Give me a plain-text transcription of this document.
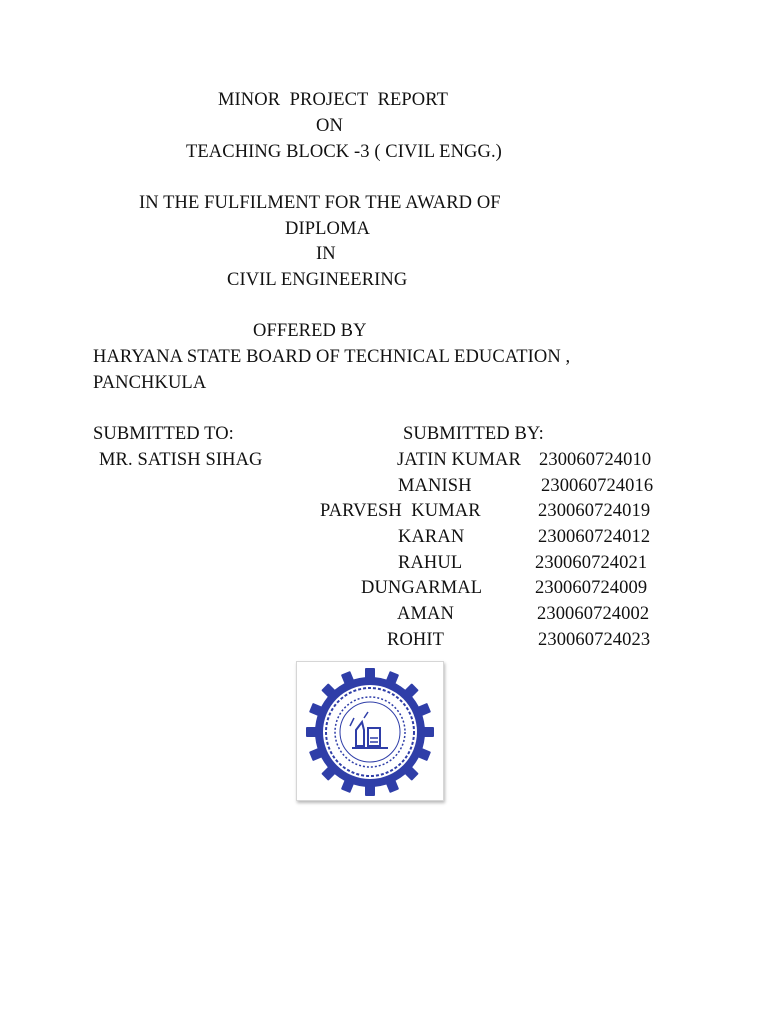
MINOR  PROJECT  REPORT
ON
TEACHING BLOCK -3 ( CIVIL ENGG.)
IN THE FULFILMENT FOR THE AWARD OF
DIPLOMA
IN
CIVIL ENGINEERING
OFFERED BY
HARYANA STATE BOARD OF TECHNICAL EDUCATION ,
PANCHKULA
SUBMITTED TO:	SUBMITTED BY:
MR. SATISH SIHAG	JATIN KUMAR 230060724010
MANISH	230060724016
PARVESH  KUMAR	230060724019
KARAN	230060724012
RAHUL	230060724021
DUNGARMAL	230060724009
AMAN	230060724002
ROHIT	230060724023
